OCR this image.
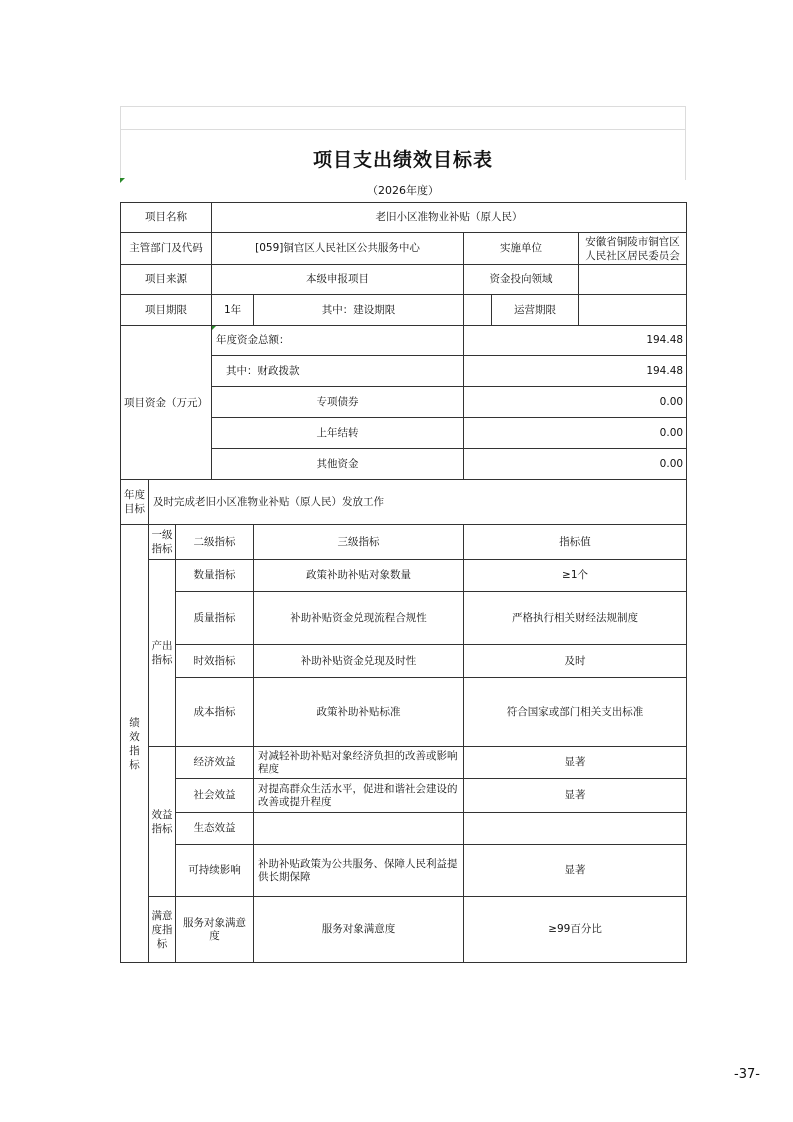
项目支出绩效目标表
（2026年度）
项目名称			老旧小区准物业补贴（原人民）				
主管部门及代码			[059]铜官区人民社区公共服务中心		实施单位		安徽省铜陵市铜官区人民社区居民委员会
项目来源			本级申报项目		资金投向领域		
项目期限			1年	其中：建设期限		运营期限	
项目资金（万元）			年度资金总额：		194.48		
			其中：财政拨款		194.48		
			专项债券		0.00		
			上年结转		0.00		
			其他资金		0.00		
年度目标	及时完成老旧小区准物业补贴（原人民）发放工作						
绩效指标	一级指标	二级指标		三级指标	指标值		
	产出指标	数量指标		政策补助补贴对象数量	≥1个		
		质量指标		补助补贴资金兑现流程合规性	严格执行相关财经法规制度		
		时效指标		补助补贴资金兑现及时性	及时		
		成本指标		政策补助补贴标准	符合国家或部门相关支出标准		
	效益指标	经济效益		对减轻补助补贴对象经济负担的改善或影响程度	显著		
		社会效益		对提高群众生活水平，促进和谐社会建设的改善或提升程度	显著		
		生态效益					
		可持续影响		补助补贴政策为公共服务、保障人民利益提供长期保障	显著		
	满意度指标	服务对象满意度		服务对象满意度	≥99百分比		
-37-
